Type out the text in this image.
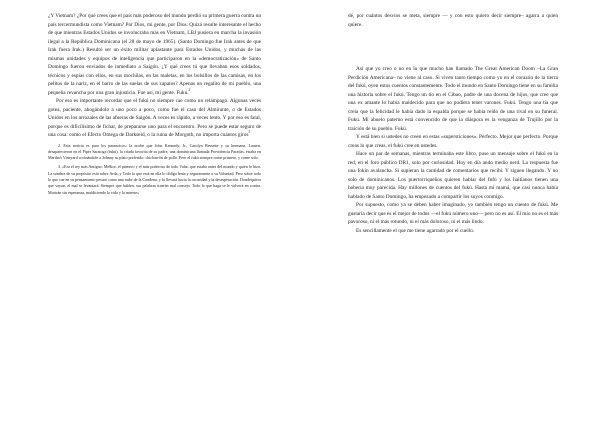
¿Y Vietnam? ¿Por qué crees que el país más poderoso del mundo perdió su primera guerra contra un país tercermundista como Vietnam? Por Dios, mi gente, por Dios. Quizá resulte interesante el hecho de que mientras Estados Unidos se involucraba más en Vietnam, LBJ pusiera en marcha la invasión ilegal a la República Dominicana (el 28 de mayo de 1965). (Santo Domingo fue Irak antes de que Irak fuera Irak.) Resultó ser un éxito militar aplastante para Estados Unidos, y muchas de las mismas unidades y equipos de inteligencia que participaron en la «democratización» de Santo Domingo fueron enviados de inmediato a Saigón. ¿Y qué crees tú que llevaban esos soldados, técnicos y espías con ellos, en sus mochilas, en las maletas, en los bolsillos de las camisas, en los pelitos de la nariz, en el barro de las suelas de sus zapatos? Apenas un regalito de mi pueblo, una pequeña revancha por una gran injusticia. Fue así, mi gente. Fukú.$^2$

Por eso es importante recordar que el fukú no siempre cae como un relámpago. Algunas veces gotea, paciente, ahogándolo a uno poco a poco, como fue el caso del Almirante, o de Estados Unidos en los arrozales de las afueras de Saigón. A veces es rápido, a veces lento. Y por eso es fatal, porque es dificilísimo de fichar, de prepararse uno para el encuentro. Pero se puede estar seguro de una cosa: como el Efecto Omega de Darkseid, o la ruina de Morgoth, no importa cuántos giros$^3$

2. Esta noticia es para los paranoicos: la noche que John Kennedy, Jr., Carolyn Bessette y su hermana, Lauren, desaparecieron en el Piper Saratoga (fukú), la criada favorita de su padre, una dominicana llamada Providencia Paradas, estaba en Martha's Vineyard cocinándole a Johnny su plato preferido: chicharrón de pollo. Pero el fukú siempre come primero, y come solo.

3. «Era el rey más Antiguo: Melkor, el primero y el más poderoso de todo Valar, que estaba antes del mundo y quien lo hizo. La sombra de su propósito está sobre Arda, y Todo lo que está en ella lo obliga lenta y seguramente a su Voluntad. Pero sobre todo lo que cae en su pensamiento pesará como una nube de la Condena, y lo llevará hacia la oscuridad y la desesperación. Dondequiera que vayan, el mal se levantará. Siempre que hablen, sus palabras traerán mal consejo. Todo lo que haga se le volverá en contra. Morirán sin esperanza, maldiciendo la vida y la muerte»

dé, por cuántos desvíos se meta, siempre — y con esto quiero decir siempre– agarra a quien quiere.

Así que yo creo o no en lo que mucho han llamado The Great American Doom –La Gran Perdición Americana– no viene al caso. Si viven tanto tiempo como yo en el corazón de la tierra del fukú, oyen estos cuentos constantemente. Todo el mundo en Santo Domingo tiene en su familia una historia sobre el fukú. Tengo un tío en el Cibao, padre de una docena de hijos, que cree que una ex amante lo había maldecido para que no pudiera tener varones. Fukú. Tengo una tía que creía que la felicidad le había dado la espalda porque se había reído de una rival en su funeral. Fukú. Mi abuelo paterno está convencido de que la diáspora es la venganza de Trujillo por la traición de su pueblo. Fukú.

Y está bien si ustedes no creen en estas «supersticiones». Perfecto. Mejor que perfecto. Porque creas lo que creas, el fukú cree en ustedes.

Hace un par de semanas, mientras terminaba este libro, puse un mensaje sobre el fukú en la red, en el foro público DR1, solo por curiosidad. Hoy en día ando medio nerd. La respuesta fue una fokin avalancha. Si supieran la cantidad de comentarios que recibí. Y siguen llegando. Y no solo de dominicanos. Los puertorriqueños quieren hablar del fufú y los haitianos tienen una boberia muy parecida. Hay millones de cuentos del fukú. Hasta mi mamá, que casi nunca había hablado de Santo Domingo, ha empezado a compartir los suyos conmigo.

Por supuesto, como ya se deben haber imaginado, yo también tengo un cuento de fukú. Me gustaría decir que es el mejor de todos —el fukú número uno— pero no es así. El mío no es el más pavoroso, ni el más rotundo, ni el más doloroso, ni el más lindo.

Es sencillamente el que me tiene agarrado por el cuello.
